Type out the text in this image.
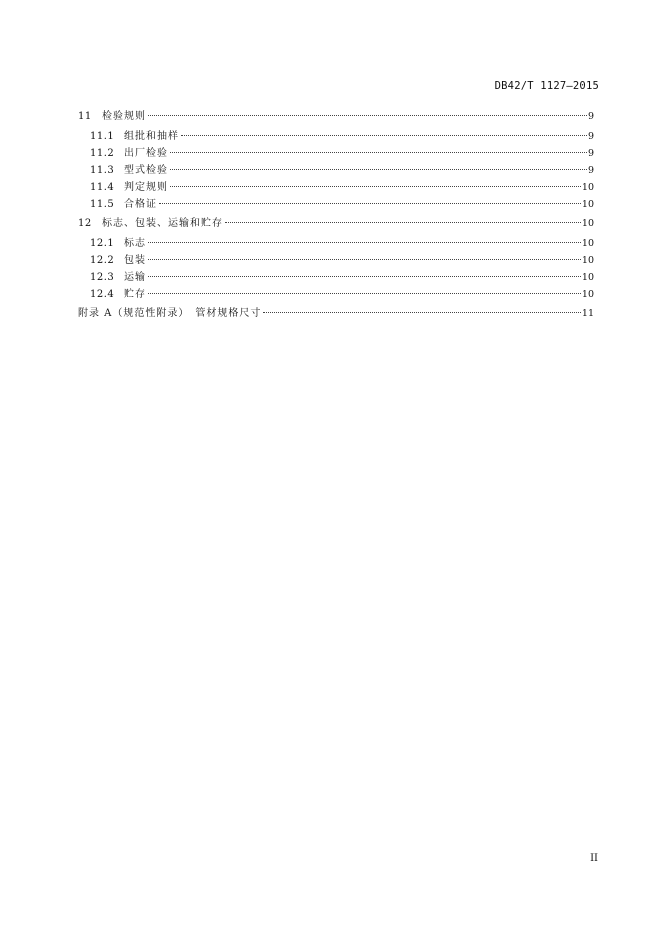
DB42/T 1127—2015
11	检验规则	9
11.1 组批和抽样	9
11.2 出厂检验	9
11.3 型式检验	9
11.4 判定规则	10
11.5 合格证	10
12	标志、包装、运输和贮存	10
12.1 标志	10
12.2 包装	10
12.3 运输	10
12.4 贮存	10
附录 A（规范性附录）　管材规格尺寸	11
II
